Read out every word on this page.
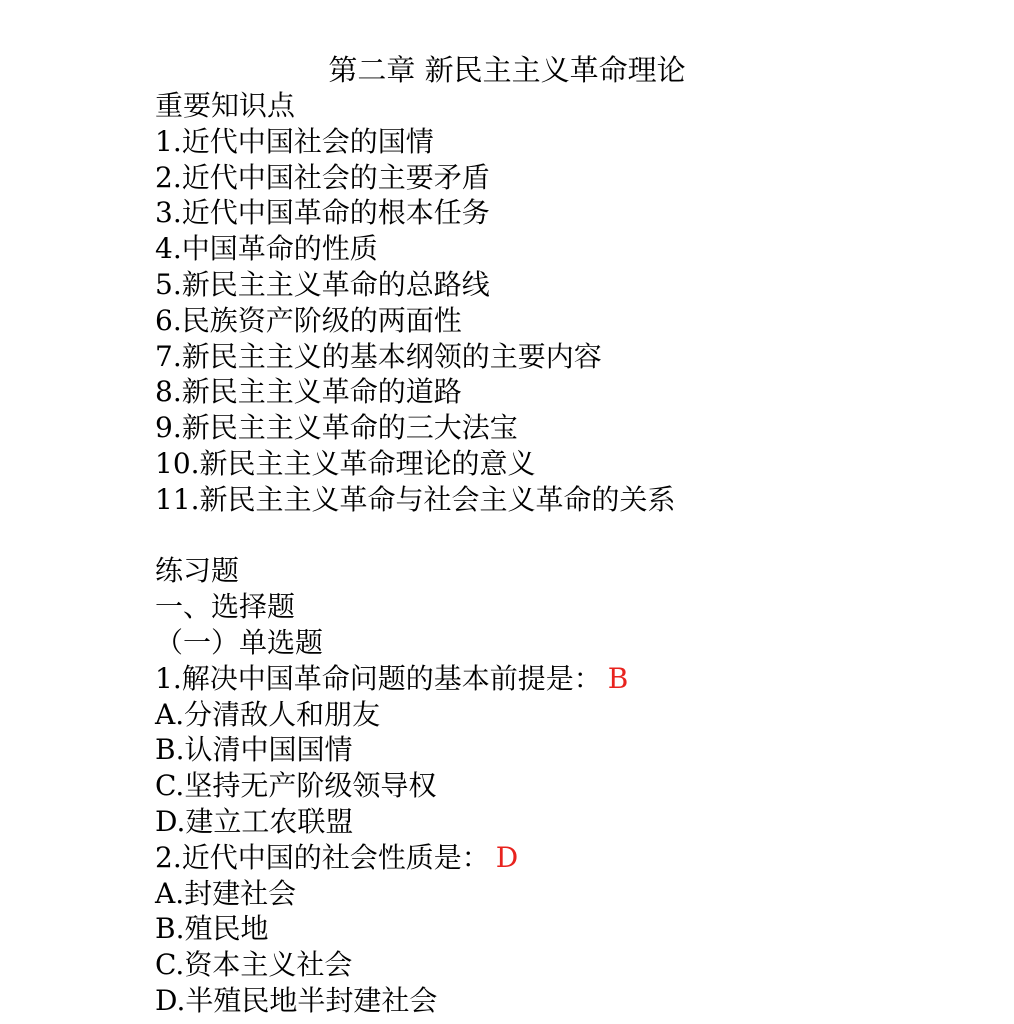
第二章 新民主主义革命理论
重要知识点
1.近代中国社会的国情
2.近代中国社会的主要矛盾
3.近代中国革命的根本任务
4.中国革命的性质
5.新民主主义革命的总路线
6.民族资产阶级的两面性
7.新民主主义的基本纲领的主要内容
8.新民主主义革命的道路
9.新民主主义革命的三大法宝
10.新民主主义革命理论的意义
11.新民主主义革命与社会主义革命的关系
练习题
一、选择题
（一）单选题
1.解决中国革命问题的基本前提是： B
A.分清敌人和朋友
B.认清中国国情
C.坚持无产阶级领导权
D.建立工农联盟
2.近代中国的社会性质是： D
A.封建社会
B.殖民地
C.资本主义社会
D.半殖民地半封建社会
